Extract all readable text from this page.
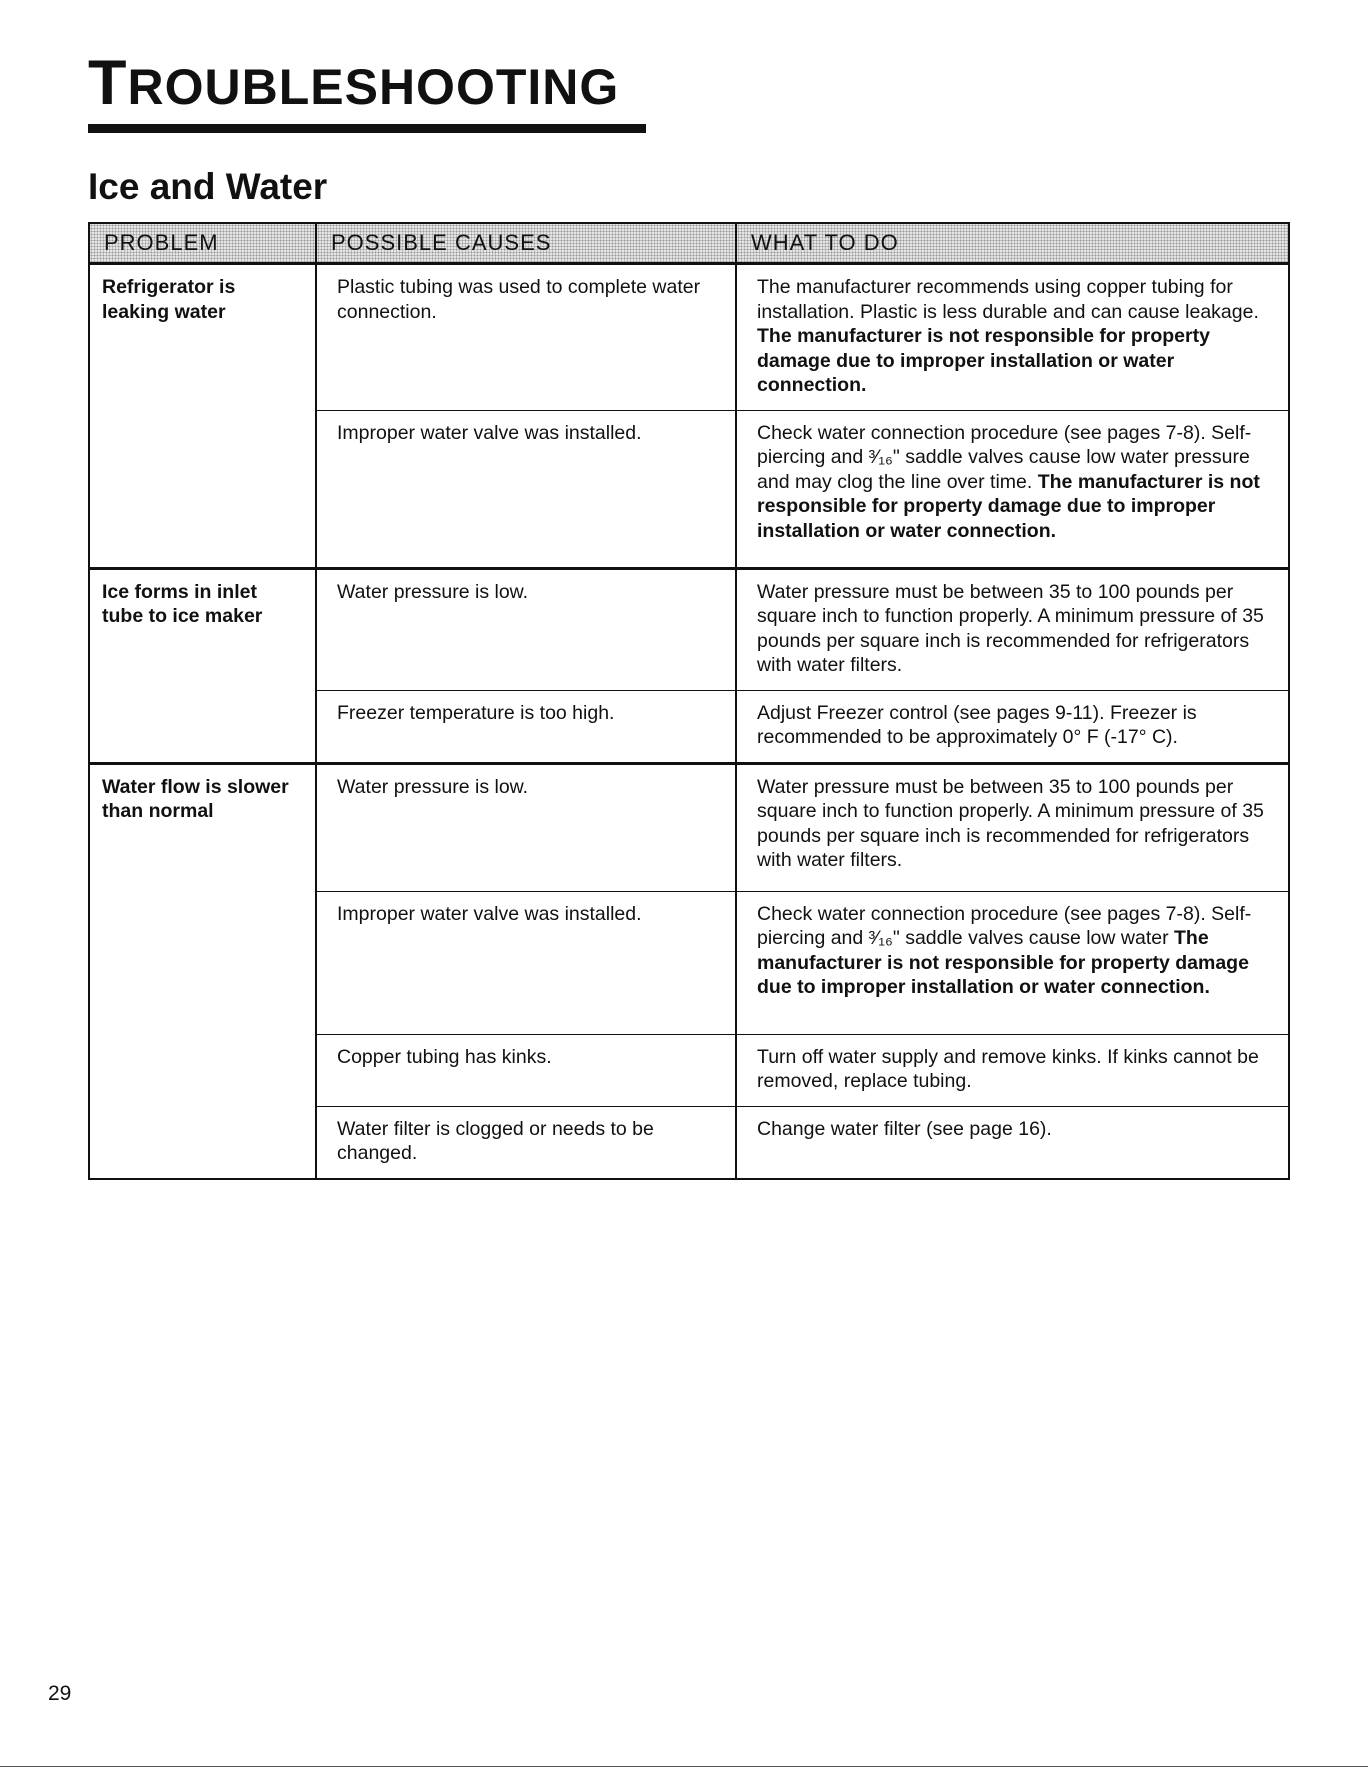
TROUBLESHOOTING
Ice and Water
PROBLEM	POSSIBLE CAUSES	WHAT TO DO
Refrigerator is leaking water	Plastic tubing was used to complete water connection.	The manufacturer recommends using copper tubing for installation. Plastic is less durable and can cause leakage. The manufacturer is not responsible for property damage due to improper installation or water connection.
	Improper water valve was installed.	Check water connection procedure (see pages 7-8). Self-piercing and ³⁄₁₆" saddle valves cause low water pressure and may clog the line over time. The manufacturer is not responsible for property damage due to improper installation or water connection.
Ice forms in inlet tube to ice maker	Water pressure is low.	Water pressure must be between 35 to 100 pounds per square inch to function properly. A minimum pressure of 35 pounds per square inch is recommended for refrigerators with water filters.
	Freezer temperature is too high.	Adjust Freezer control (see pages 9-11). Freezer is recommended to be approximately 0° F (-17° C).
Water flow is slower than normal	Water pressure is low.	Water pressure must be between 35 to 100 pounds per square inch to function properly. A minimum pressure of 35 pounds per square inch is recommended for refrigerators with water filters.
	Improper water valve was installed.	Check water connection procedure (see pages 7-8). Self-piercing and ³⁄₁₆" saddle valves cause low water The manufacturer is not responsible for property damage due to improper installation or water connection.
	Copper tubing has kinks.	Turn off water supply and remove kinks. If kinks cannot be removed, replace tubing.
	Water filter is clogged or needs to be changed.	Change water filter (see page 16).
29
